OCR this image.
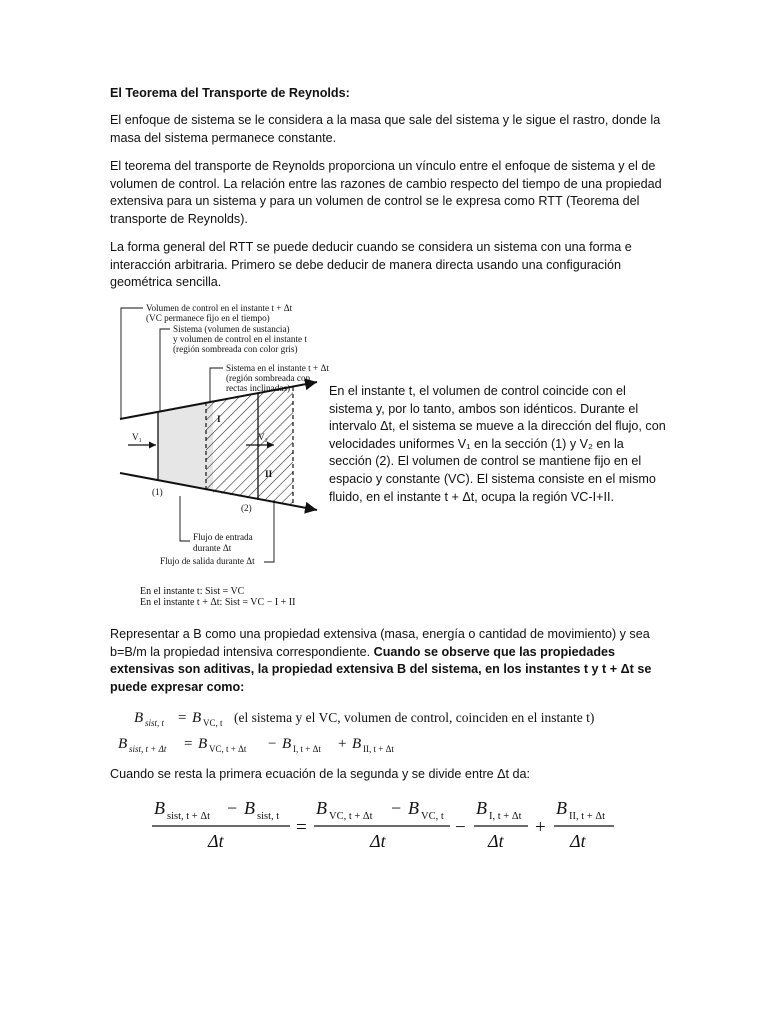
El Teorema del Transporte de Reynolds:
El enfoque de sistema se le considera a la masa que sale del sistema y le sigue el rastro, donde la masa del sistema permanece constante.
El teorema del transporte de Reynolds proporciona un vínculo entre el enfoque de sistema y el de volumen de control. La relación entre las razones de cambio respecto del tiempo de una propiedad extensiva para un sistema y para un volumen de control se le expresa como RTT (Teorema del transporte de Reynolds).
La forma general del RTT se puede deducir cuando se considera un sistema con una forma e interacción arbitraria. Primero se debe deducir de manera directa usando una configuración geométrica sencilla.
V₁	V₂
I
II
(1)
(2)
Volumen de control en el instante t + Δt
(VC permanece fijo en el tiempo)
Sistema (volumen de sustancia)
y volumen de control en el instante t
(región sombreada con color gris)
Sistema en el instante t + Δt
(región sombreada con
rectas inclinadas)
Flujo de entrada
durante Δt
Flujo de salida durante Δt
En el instante t: Sist = VC
En el instante t + Δt: Sist = VC − I + II
En el instante t, el volumen de control coincide con el sistema y, por lo tanto, ambos son idénticos. Durante el intervalo Δt, el sistema se mueve a la dirección del flujo, con velocidades uniformes V₁ en la sección (1) y V₂ en la sección (2). El volumen de control se mantiene fijo en el espacio y constante (VC). El sistema consiste en el mismo fluido, en el instante t + Δt, ocupa la región VC-I+II.
Representar a B como una propiedad extensiva (masa, energía o cantidad de movimiento) y sea b=B/m la propiedad intensiva correspondiente. Cuando se observe que las propiedades extensivas son aditivas, la propiedad extensiva B del sistema, en los instantes t y t + Δt se puede expresar como:
B sist, t = B VC, t (el sistema y el VC, volumen de control, coinciden en el instante t)
B sist, t + Δt = B VC, t + Δt − B I, t + Δt + B II, t + Δt
Cuando se resta la primera ecuación de la segunda y se divide entre Δt da:
B sist, t + Δt − B sist, t
Δt
=
B VC, t + Δt − B VC, t
Δt
−
B I, t + Δt
Δt
+
B II, t + Δt
Δt
